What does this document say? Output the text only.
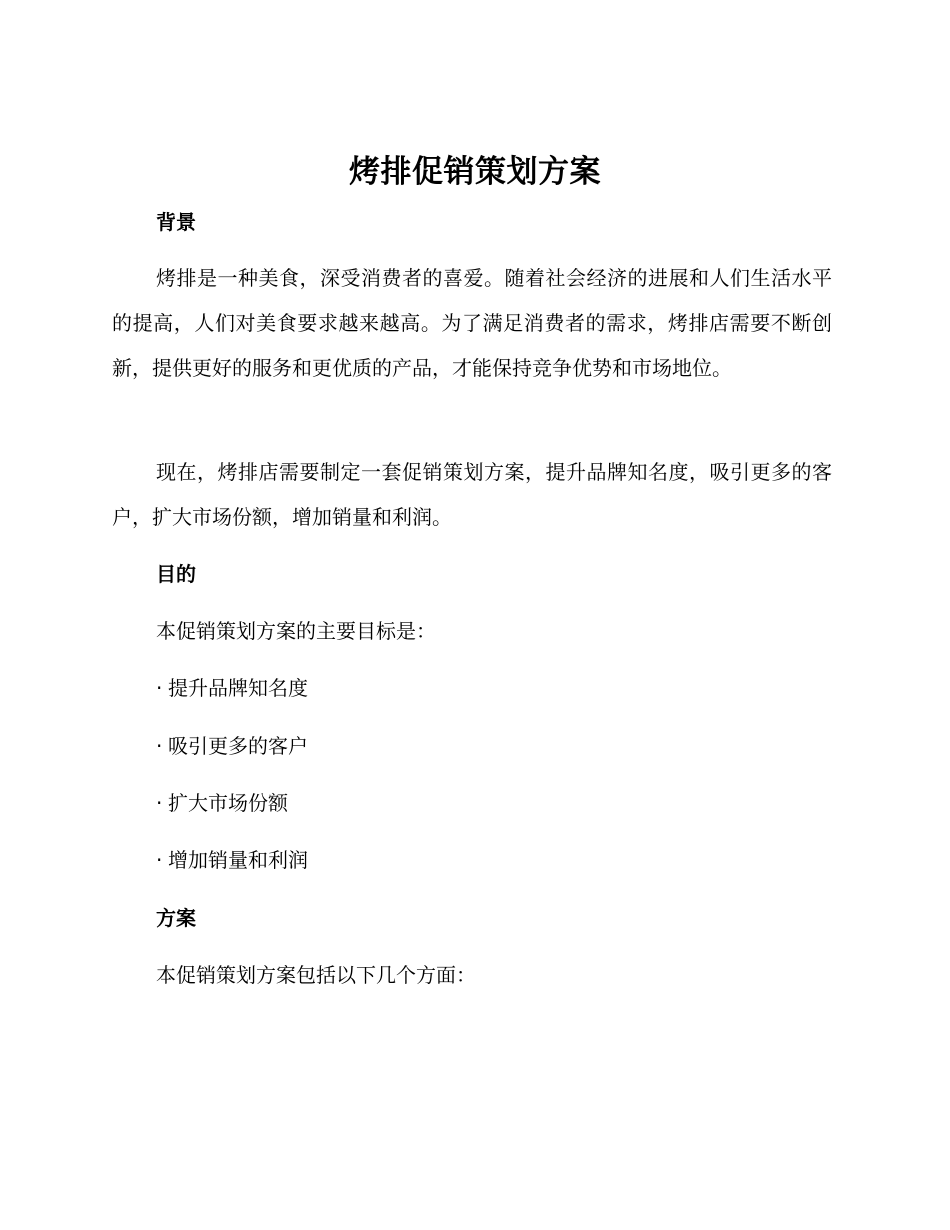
烤排促销策划方案
背景

烤排是一种美食，深受消费者的喜爱。随着社会经济的进展和人们生活水平的提高，人们对美食要求越来越高。为了满足消费者的需求，烤排店需要不断创新，提供更好的服务和更优质的产品，才能保持竞争优势和市场地位。

现在，烤排店需要制定一套促销策划方案，提升品牌知名度，吸引更多的客户，扩大市场份额，增加销量和利润。

目的
本促销策划方案的主要目标是：
· 提升品牌知名度
· 吸引更多的客户
· 扩大市场份额
· 增加销量和利润
方案
本促销策划方案包括以下几个方面：
